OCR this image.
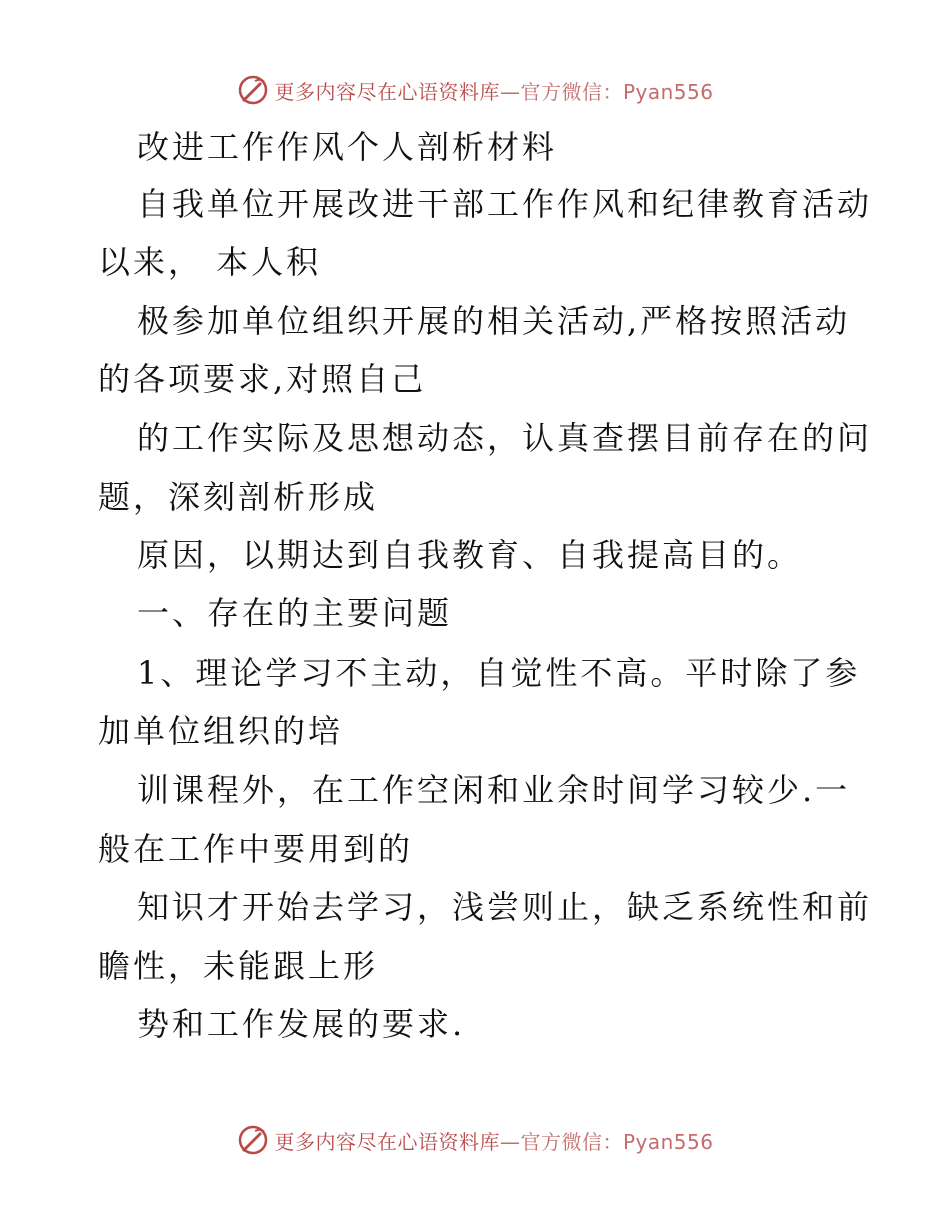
更多内容尽在心语资料库—官方微信：Pyan556
改进工作作风个人剖析材料
自我单位开展改进干部工作作风和纪律教育活动
以来， 本人积
极参加单位组织开展的相关活动,严格按照活动
的各项要求,对照自己
的工作实际及思想动态，认真查摆目前存在的问
题，深刻剖析形成
原因，以期达到自我教育、自我提高目的。
一、存在的主要问题
1、理论学习不主动，自觉性不高。平时除了参
加单位组织的培
训课程外，在工作空闲和业余时间学习较少.一
般在工作中要用到的
知识才开始去学习，浅尝则止，缺乏系统性和前
瞻性，未能跟上形
势和工作发展的要求.
更多内容尽在心语资料库—官方微信：Pyan556
